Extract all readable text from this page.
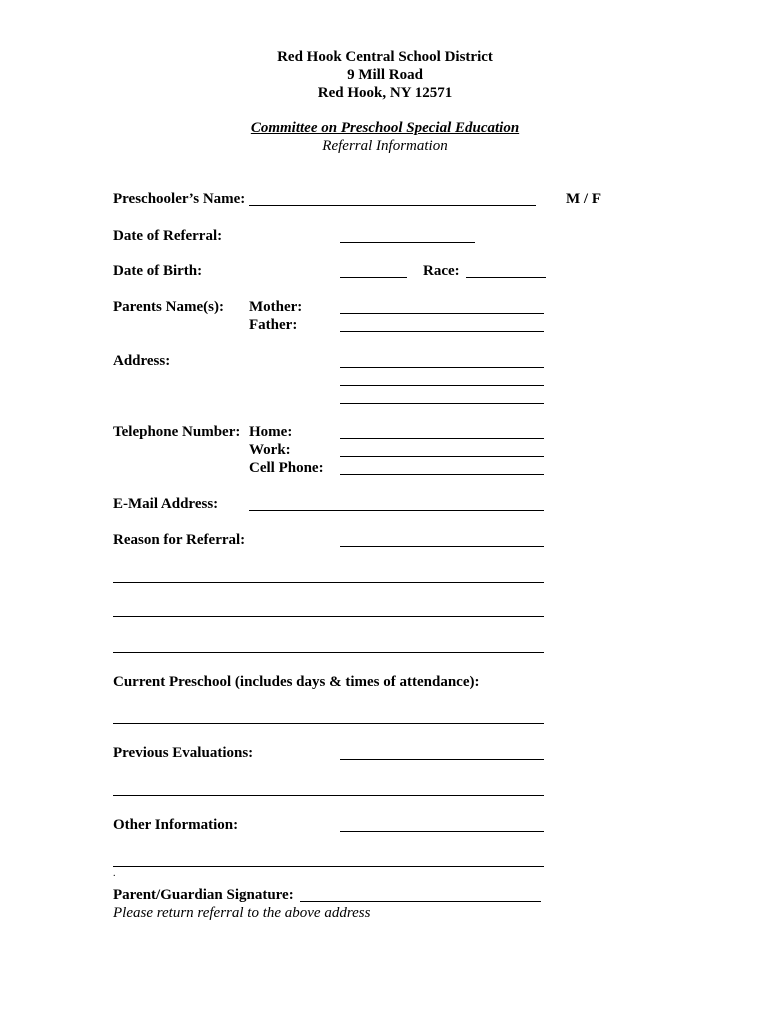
Red Hook Central School District
9 Mill Road
Red Hook, NY 12571
Committee on Preschool Special Education
Referral Information
Preschooler’s Name:	M / F
Date of Referral:
Date of Birth:	Race:
Parents Name(s): Mother:
Father:
Address:
Telephone Number: Home:
Work:
Cell Phone:
E-Mail Address:
Reason for Referral:
Current Preschool (includes days & times of attendance):
Previous Evaluations:
Other Information:
.
Parent/Guardian Signature:
Please return referral to the above address
